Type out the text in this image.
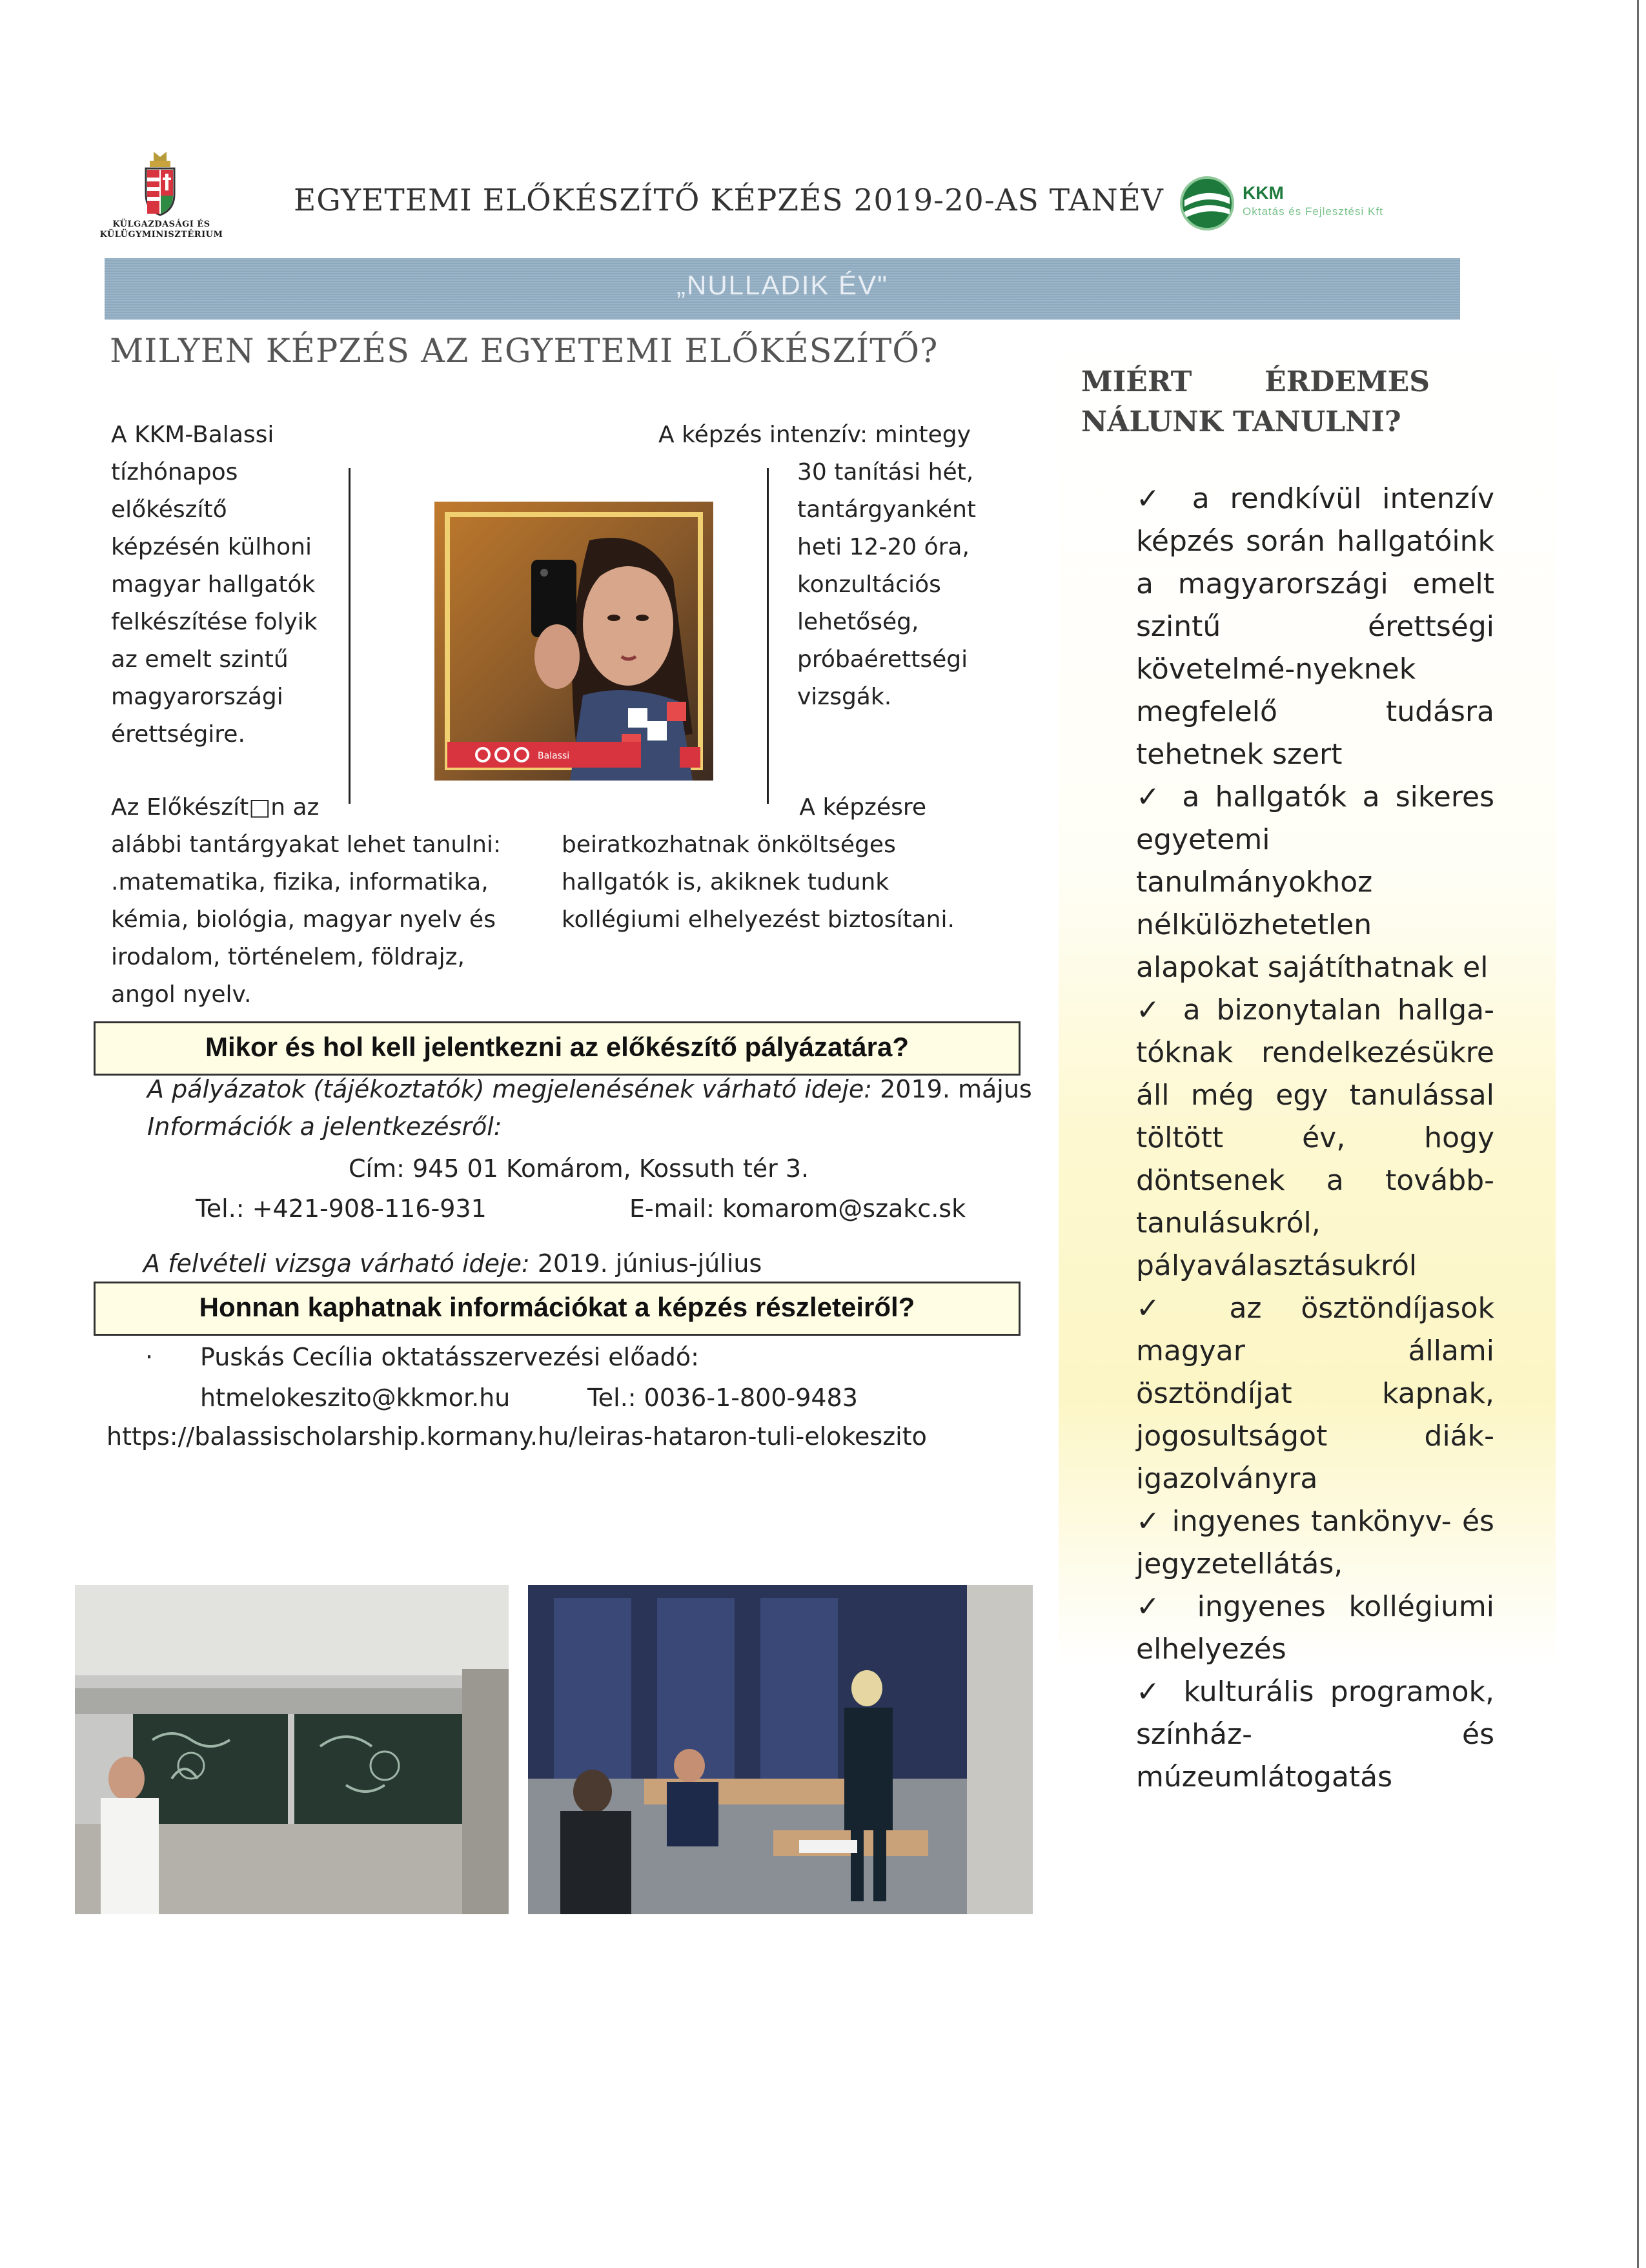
KÜLGAZDASÁGI ÉS KÜLÜGYMINISZTÉRIUM
EGYETEMI ELŐKÉSZÍTŐ KÉPZÉS 2019-20-AS TANÉV	KKM
Oktatás és Fejlesztési Kft
„NULLADIK ÉV"
MILYEN KÉPZÉS AZ EGYETEMI ELŐKÉSZÍTŐ?
MIÉRT	ÉRDEMES
NÁLUNK TANULNI?

✓ a rendkívül intenzív képzés során hallgatóink a magyarországi emelt szintű érettségi követelmé-nyeknek megfelelő tudásra tehetnek szert

✓ a hallgatók a sikeres egyetemi tanulmányokhoz nélkülözhetetlen alapokat sajátíthatnak el

✓ a bizonytalan hallga-tóknak rendelkezésükre áll még egy tanulással töltött év, hogy döntsenek a tovább-tanulásukról, pályaválasztásukról

✓ az ösztöndíjasok magyar állami ösztöndíjat kapnak, jogosultságot diák-igazolványra

✓ ingyenes tankönyv- és jegyzetellátás,

✓ ingyenes kollégiumi elhelyezés

✓ kulturális programok, színház- és múzeumlátogatás

A KKM-Balassi tízhónapos
előkészítő
képzésén külhoni
magyar hallgatók
felkészítése folyik
az emelt szintű
magyarországi
érettségire.
Balassi
A képzés intenzív: mintegy
30 tanítási hét,
tantárgyanként
heti 12-20 óra,
konzultációs
lehetőség,
próbaérettségi
vizsgák.
Az Előkészít□n az
alábbi tantárgyakat lehet tanulni:
.matematika, fizika, informatika,
kémia, biológia, magyar nyelv és
irodalom, történelem, földrajz,
angol nyelv.
A képzésre
beiratkozhatnak önköltséges
hallgatók is, akiknek tudunk
kollégiumi elhelyezést biztosítani.
Mikor és hol kell jelentkezni az előkészítő pályázatára?
A pályázatok (tájékoztatók) megjelenésének várható ideje: 2019. május
Információk a jelentkezésről:
Cím: 945 01 Komárom, Kossuth tér 3.
Tel.: +421-908-116-931	E-mail: komarom@szakc.sk
A felvételi vizsga várható ideje: 2019. június-július
Honnan kaphatnak információkat a képzés részleteiről?
· Puskás Cecília oktatásszervezési előadó:
htmelokeszito@kkmor.hu	Tel.: 0036-1-800-9483
https://balassischolarship.kormany.hu/leiras-hataron-tuli-elokeszito
